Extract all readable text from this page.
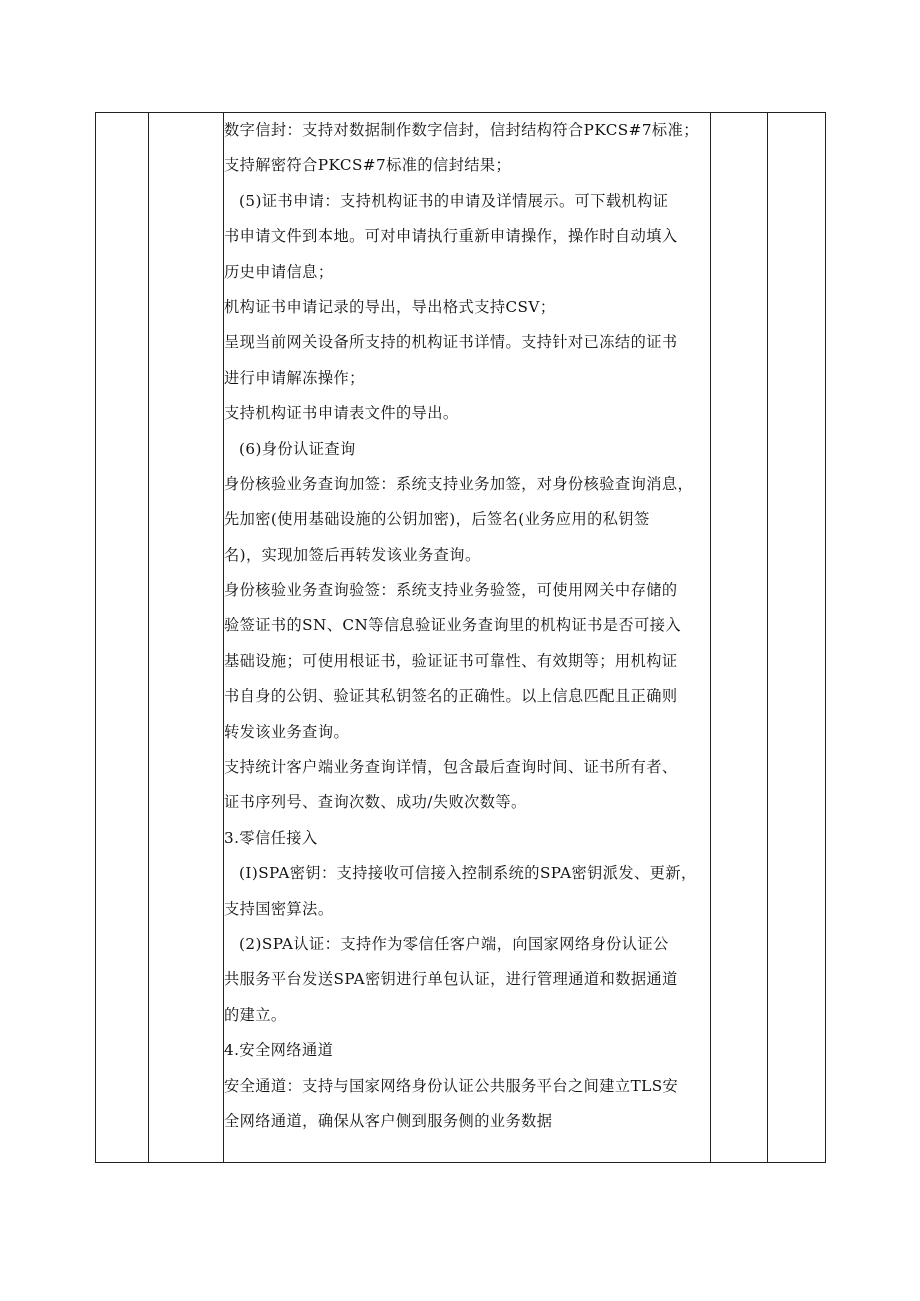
数字信封：支持对数据制作数字信封，信封结构符合PKCS#7标准；
支持解密符合PKCS#7标准的信封结果；
(5)证书申请：支持机构证书的申请及详情展示。可下载机构证
书申请文件到本地。可对申请执行重新申请操作，操作时自动填入
历史申请信息；
机构证书申请记录的导出，导出格式支持CSV；
呈现当前网关设备所支持的机构证书详情。支持针对已冻结的证书
进行申请解冻操作；
支持机构证书申请表文件的导出。
(6)身份认证查询
身份核验业务查询加签：系统支持业务加签，对身份核验查询消息，
先加密(使用基础设施的公钥加密)，后签名(业务应用的私钥签
名)，实现加签后再转发该业务查询。
身份核验业务查询验签：系统支持业务验签，可使用网关中存储的
验签证书的SN、CN等信息验证业务查询里的机构证书是否可接入
基础设施；可使用根证书，验证证书可靠性、有效期等；用机构证
书自身的公钥、验证其私钥签名的正确性。以上信息匹配且正确则
转发该业务查询。
支持统计客户端业务查询详情，包含最后查询时间、证书所有者、
证书序列号、查询次数、成功/失败次数等。
3.零信任接入
(I)SPA密钥：支持接收可信接入控制系统的SPA密钥派发、更新，
支持国密算法。
(2)SPA认证：支持作为零信任客户端，向国家网络身份认证公
共服务平台发送SPA密钥进行单包认证，进行管理通道和数据通道
的建立。
4.安全网络通道
安全通道：支持与国家网络身份认证公共服务平台之间建立TLS安
全网络通道，确保从客户侧到服务侧的业务数据
